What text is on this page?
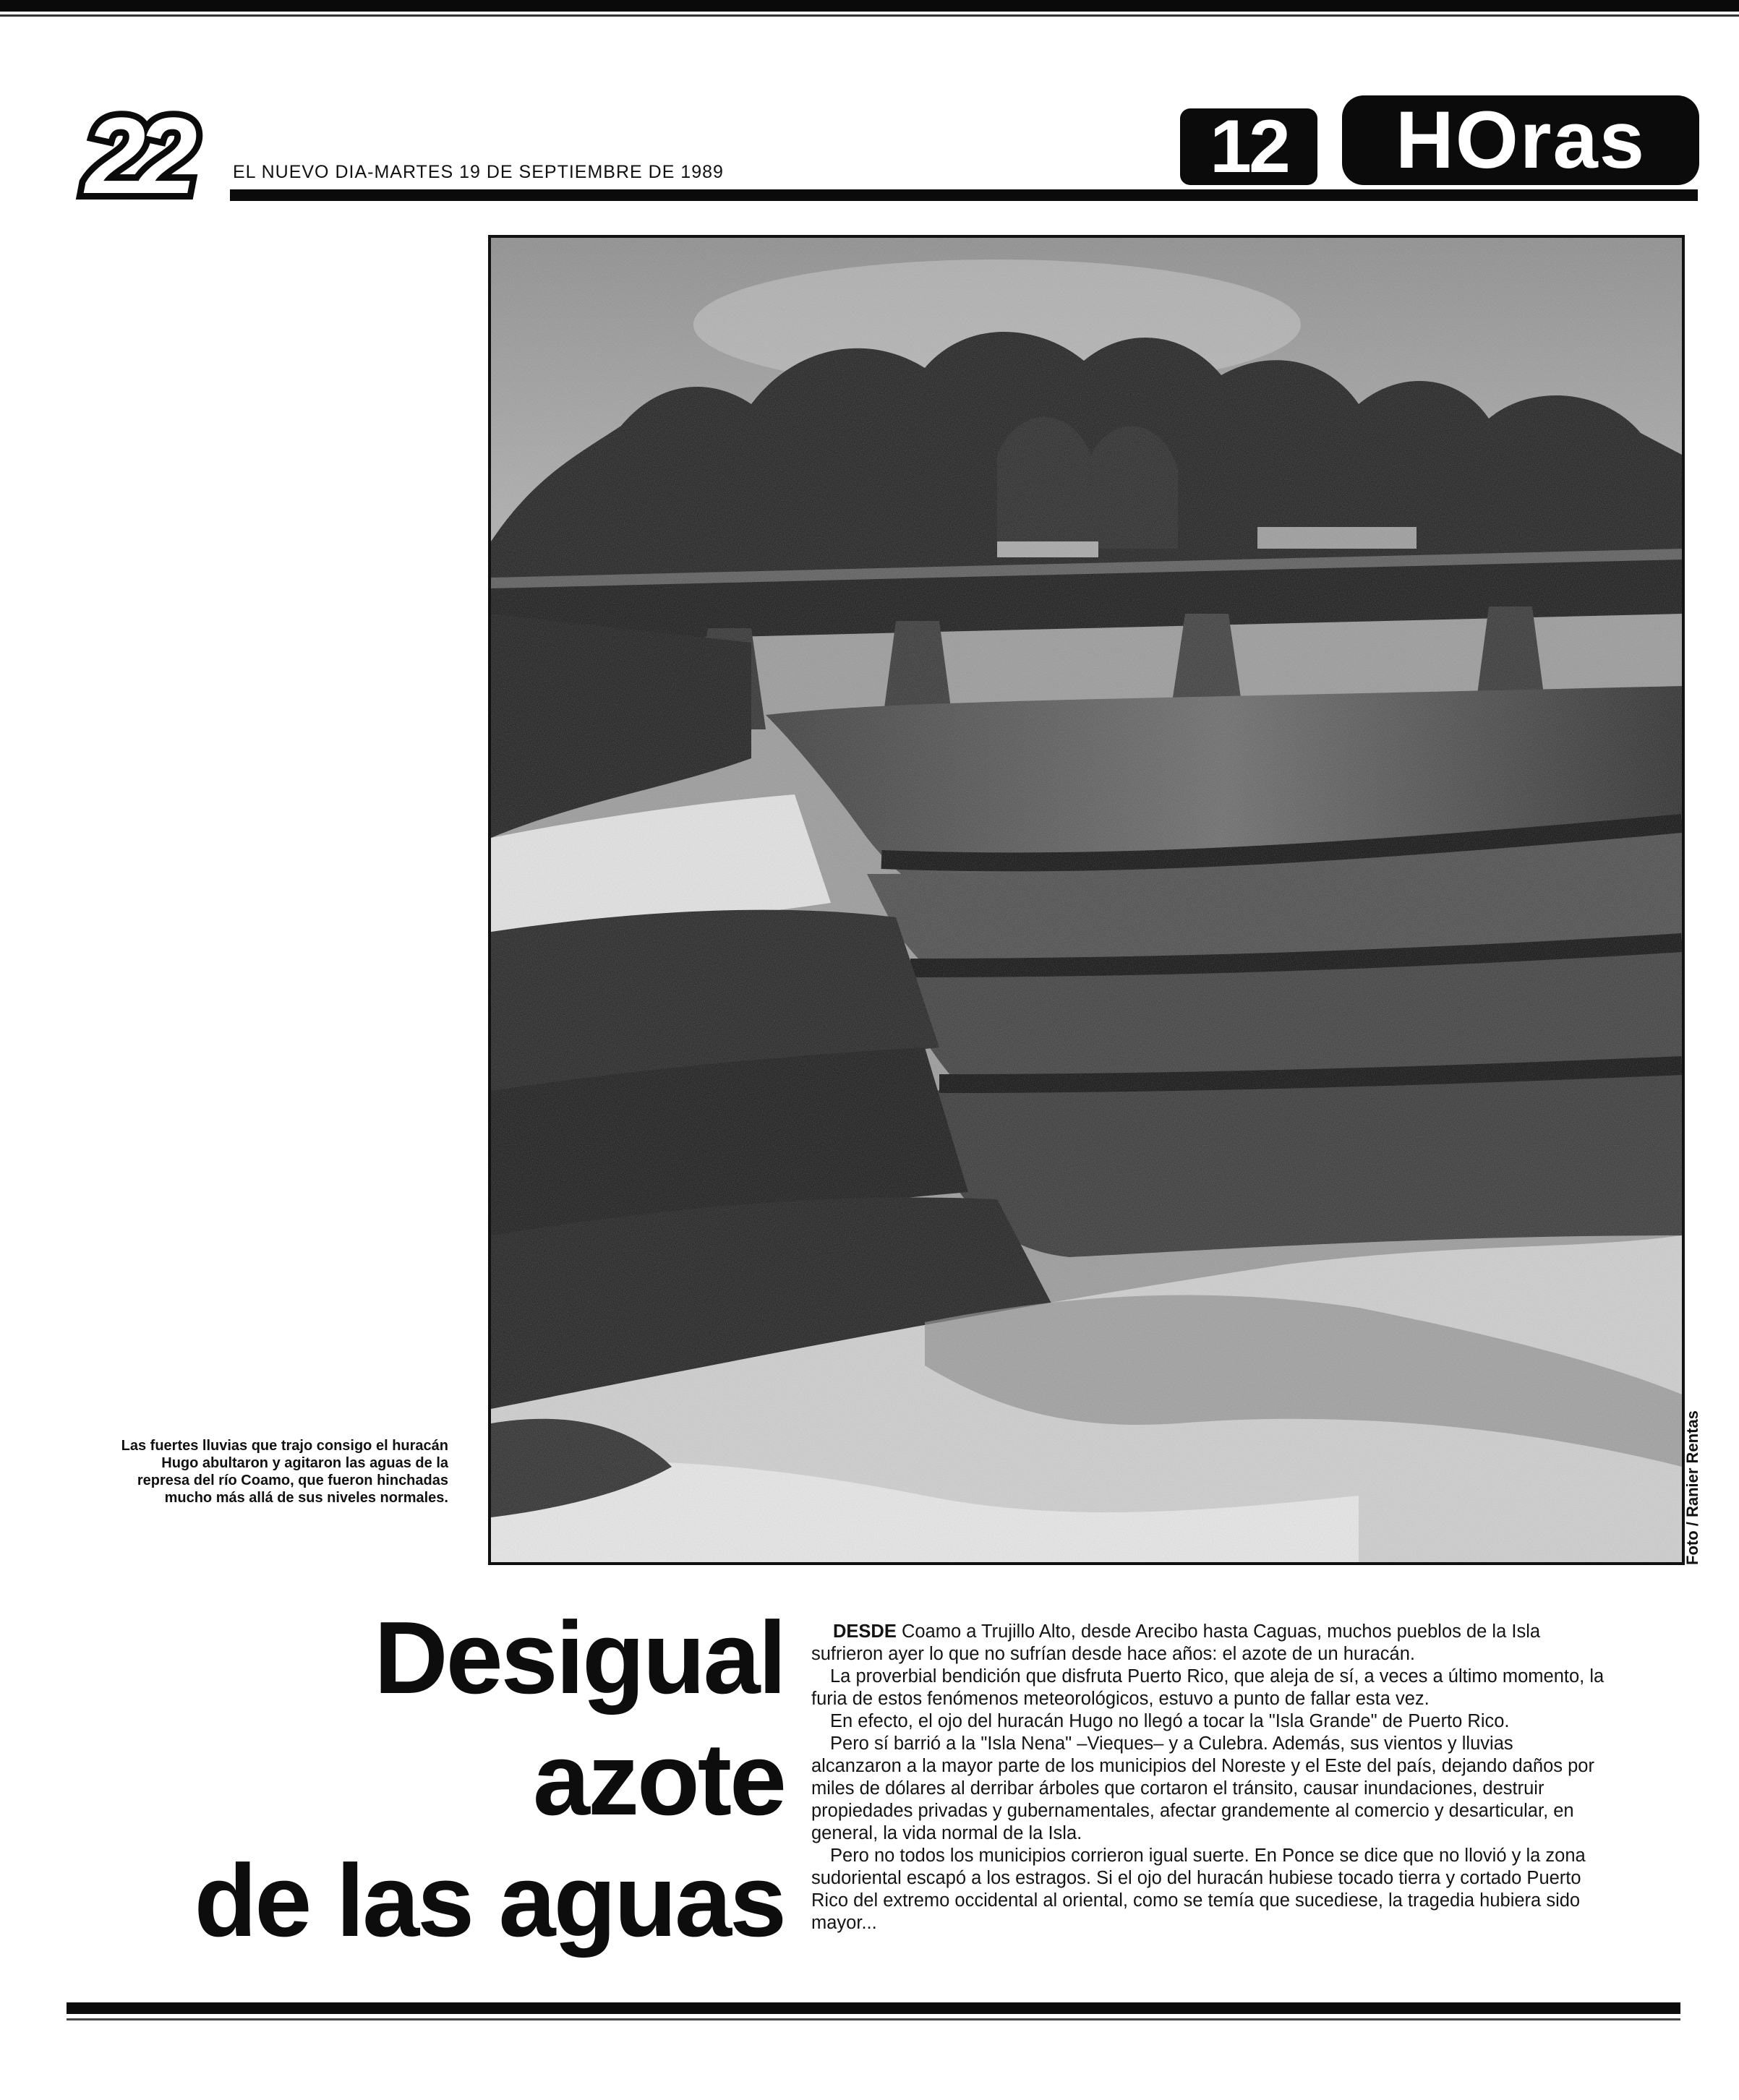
22	EL NUEVO DIA-MARTES 19 DE SEPTIEMBRE DE 1989	12	HOras
Foto / Ranier Rentas
Las fuertes lluvias que trajo consigo el huracán Hugo abultaron y agitaron las aguas de la represa del río Coamo, que fueron hinchadas mucho más allá de sus niveles normales.
Desigual
azote
de las aguas

DESDE Coamo a Trujillo Alto, desde Arecibo hasta Caguas, muchos pueblos de la Isla sufrieron ayer lo que no sufrían desde hace años: el azote de un huracán.

La proverbial bendición que disfruta Puerto Rico, que aleja de sí, a veces a último momento, la furia de estos fenómenos meteorológicos, estuvo a punto de fallar esta vez.

En efecto, el ojo del huracán Hugo no llegó a tocar la "Isla Grande" de Puerto Rico.

Pero sí barrió a la "Isla Nena" –Vieques– y a Culebra. Además, sus vientos y lluvias alcanzaron a la mayor parte de los municipios del Noreste y el Este del país, dejando daños por miles de dólares al derribar árboles que cortaron el tránsito, causar inundaciones, destruir propiedades privadas y gubernamentales, afectar grandemente al comercio y desarticular, en general, la vida normal de la Isla.

Pero no todos los municipios corrieron igual suerte. En Ponce se dice que no llovió y la zona sudoriental escapó a los estragos. Si el ojo del huracán hubiese tocado tierra y cortado Puerto Rico del extremo occidental al oriental, como se temía que sucediese, la tragedia hubiera sido mayor...
